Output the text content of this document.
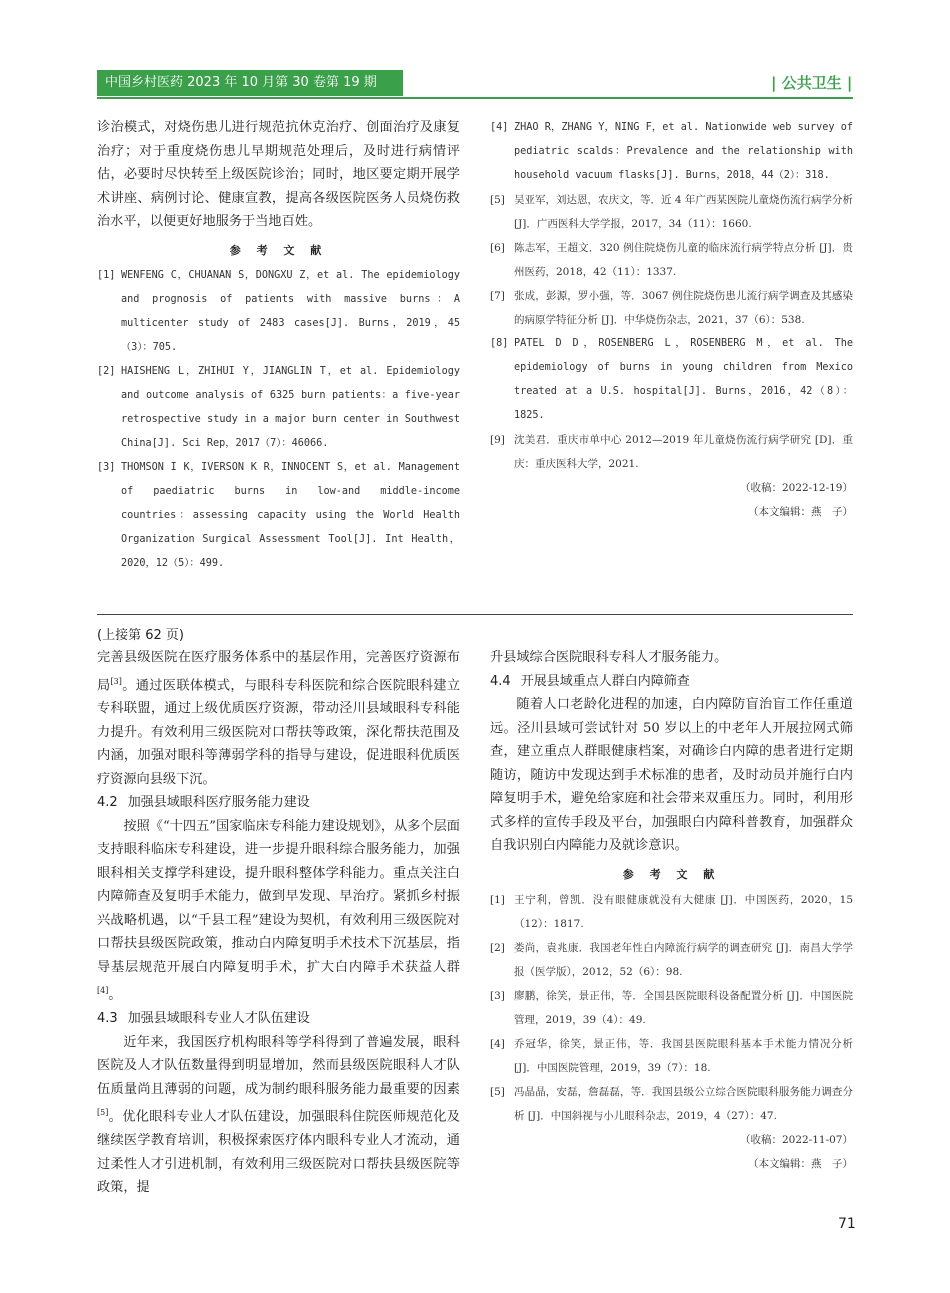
中国乡村医药 2023 年 10 月第 30 卷第 19 期	| 公共卫生 |

诊治模式，对烧伤患儿进行规范抗休克治疗、创面治疗及康复治疗；对于重度烧伤患儿早期规范处理后，及时进行病情评估，必要时尽快转至上级医院诊治；同时，地区要定期开展学术讲座、病例讨论、健康宣教，提高各级医院医务人员烧伤救治水平，以便更好地服务于当地百姓。

参 考 文 献
[1] WENFENG C，CHUANAN S，DONGXU Z，et al. The epidemiology and prognosis of patients with massive burns：A multicenter study of 2483 cases[J]. Burns，2019，45（3）：705.
[2] HAISHENG L，ZHIHUI Y，JIANGLIN T，et al. Epidemiology and outcome analysis of 6325 burn patients：a five-year retrospective study in a major burn center in Southwest China[J]. Sci Rep，2017（7）：46066.
[3] THOMSON I K，IVERSON K R，INNOCENT S，et al. Management of paediatric burns in low-and middle-income countries：assessing capacity using the World Health Organization Surgical Assessment Tool[J]. Int Health，2020，12（5）：499.
[4] ZHAO R，ZHANG Y，NING F，et al. Nationwide web survey of pediatric scalds：Prevalence and the relationship with household vacuum flasks[J]. Burns，2018，44（2）：318.
[5] 吴亚军，刘达恩，农庆文，等．近 4 年广西某医院儿童烧伤流行病学分析 [J]．广西医科大学学报，2017，34（11）：1660.
[6] 陈志军，王超文．320 例住院烧伤儿童的临床流行病学特点分析 [J]．贵州医药，2018，42（11）：1337.
[7] 张成，彭源，罗小强，等．3067 例住院烧伤患儿流行病学调查及其感染的病原学特征分析 [J]．中华烧伤杂志，2021，37（6）：538.
[8] PATEL D D，ROSENBERG L，ROSENBERG M，et al. The epidemiology of burns in young children from Mexico treated at a U.S. hospital[J]. Burns，2016，42（8）：1825.
[9] 沈美君．重庆市单中心 2012—2019 年儿童烧伤流行病学研究 [D]．重庆：重庆医科大学，2021.

（收稿：2022-12-19）

（本文编辑：燕　子）

(上接第 62 页)

完善县级医院在医疗服务体系中的基层作用，完善医疗资源布局[3]。通过医联体模式，与眼科专科医院和综合医院眼科建立专科联盟，通过上级优质医疗资源，带动泾川县域眼科专科能力提升。有效利用三级医院对口帮扶等政策，深化帮扶范围及内涵，加强对眼科等薄弱学科的指导与建设，促进眼科优质医疗资源向县级下沉。

4.2 加强县域眼科医疗服务能力建设

按照《“十四五”国家临床专科能力建设规划》，从多个层面支持眼科临床专科建设，进一步提升眼科综合服务能力，加强眼科相关支撑学科建设，提升眼科整体学科能力。重点关注白内障筛查及复明手术能力，做到早发现、早治疗。紧抓乡村振兴战略机遇，以“千县工程”建设为契机，有效利用三级医院对口帮扶县级医院政策，推动白内障复明手术技术下沉基层，指导基层规范开展白内障复明手术，扩大白内障手术获益人群[4]。

4.3 加强县域眼科专业人才队伍建设

近年来，我国医疗机构眼科等学科得到了普遍发展，眼科医院及人才队伍数量得到明显增加，然而县级医院眼科人才队伍质量尚且薄弱的问题，成为制约眼科服务能力最重要的因素[5]。优化眼科专业人才队伍建设，加强眼科住院医师规范化及继续医学教育培训，积极探索医疗体内眼科专业人才流动，通过柔性人才引进机制，有效利用三级医院对口帮扶县级医院等政策，提

升县域综合医院眼科专科人才服务能力。

4.4 开展县域重点人群白内障筛查

随着人口老龄化进程的加速，白内障防盲治盲工作任重道远。泾川县域可尝试针对 50 岁以上的中老年人开展拉网式筛查，建立重点人群眼健康档案，对确诊白内障的患者进行定期随访，随访中发现达到手术标准的患者，及时动员并施行白内障复明手术，避免给家庭和社会带来双重压力。同时，利用形式多样的宣传手段及平台，加强眼白内障科普教育，加强群众自我识别白内障能力及就诊意识。

参 考 文 献
[1] 王宁利，曾凯．没有眼健康就没有大健康 [J]．中国医药，2020，15（12）：1817.
[2] 娄尚，袁兆康．我国老年性白内障流行病学的调查研究 [J]．南昌大学学报（医学版），2012，52（6）：98.
[3] 廖鹏，徐笑，景正伟，等．全国县医院眼科设备配置分析 [J]．中国医院管理，2019，39（4）：49.
[4] 乔冠华，徐笑，景正伟，等．我国县医院眼科基本手术能力情况分析 [J]．中国医院管理，2019，39（7）：18.
[5] 冯晶晶，安磊，詹磊磊，等．我国县级公立综合医院眼科服务能力调查分析 [J]．中国斜视与小儿眼科杂志，2019，4（27）：47.

（收稿：2022-11-07）

（本文编辑：燕　子）

71
